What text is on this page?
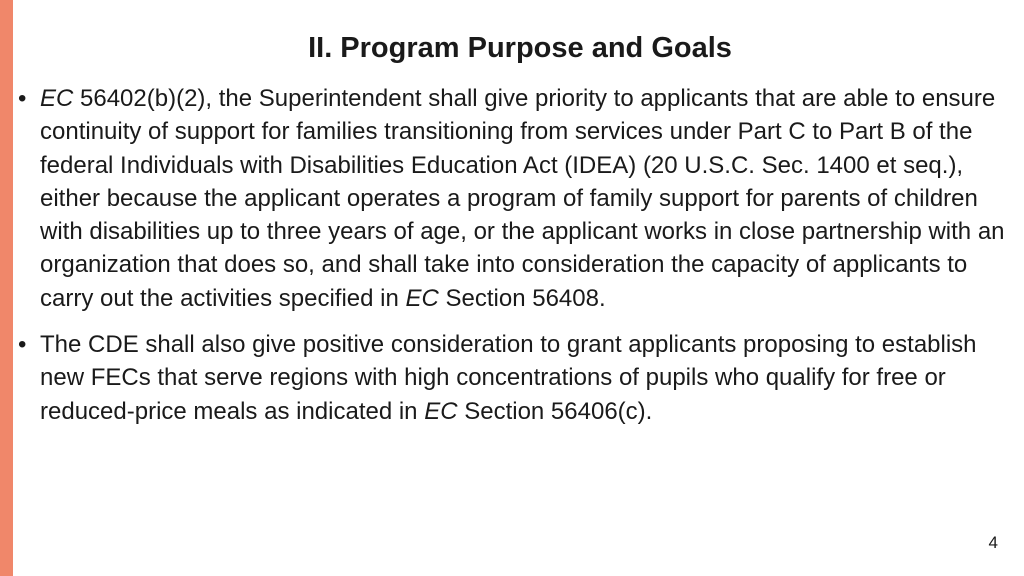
II. Program Purpose and Goals
• EC 56402(b)(2), the Superintendent shall give priority to applicants that are able to ensure continuity of support for families transitioning from services under Part C to Part B of the federal Individuals with Disabilities Education Act (IDEA) (20 U.S.C. Sec. 1400 et seq.), either because the applicant operates a program of family support for parents of children with disabilities up to three years of age, or the applicant works in close partnership with an organization that does so, and shall take into consideration the capacity of applicants to carry out the activities specified in EC Section 56408.
• The CDE shall also give positive consideration to grant applicants proposing to establish new FECs that serve regions with high concentrations of pupils who qualify for free or reduced-price meals as indicated in EC Section 56406(c).
4
